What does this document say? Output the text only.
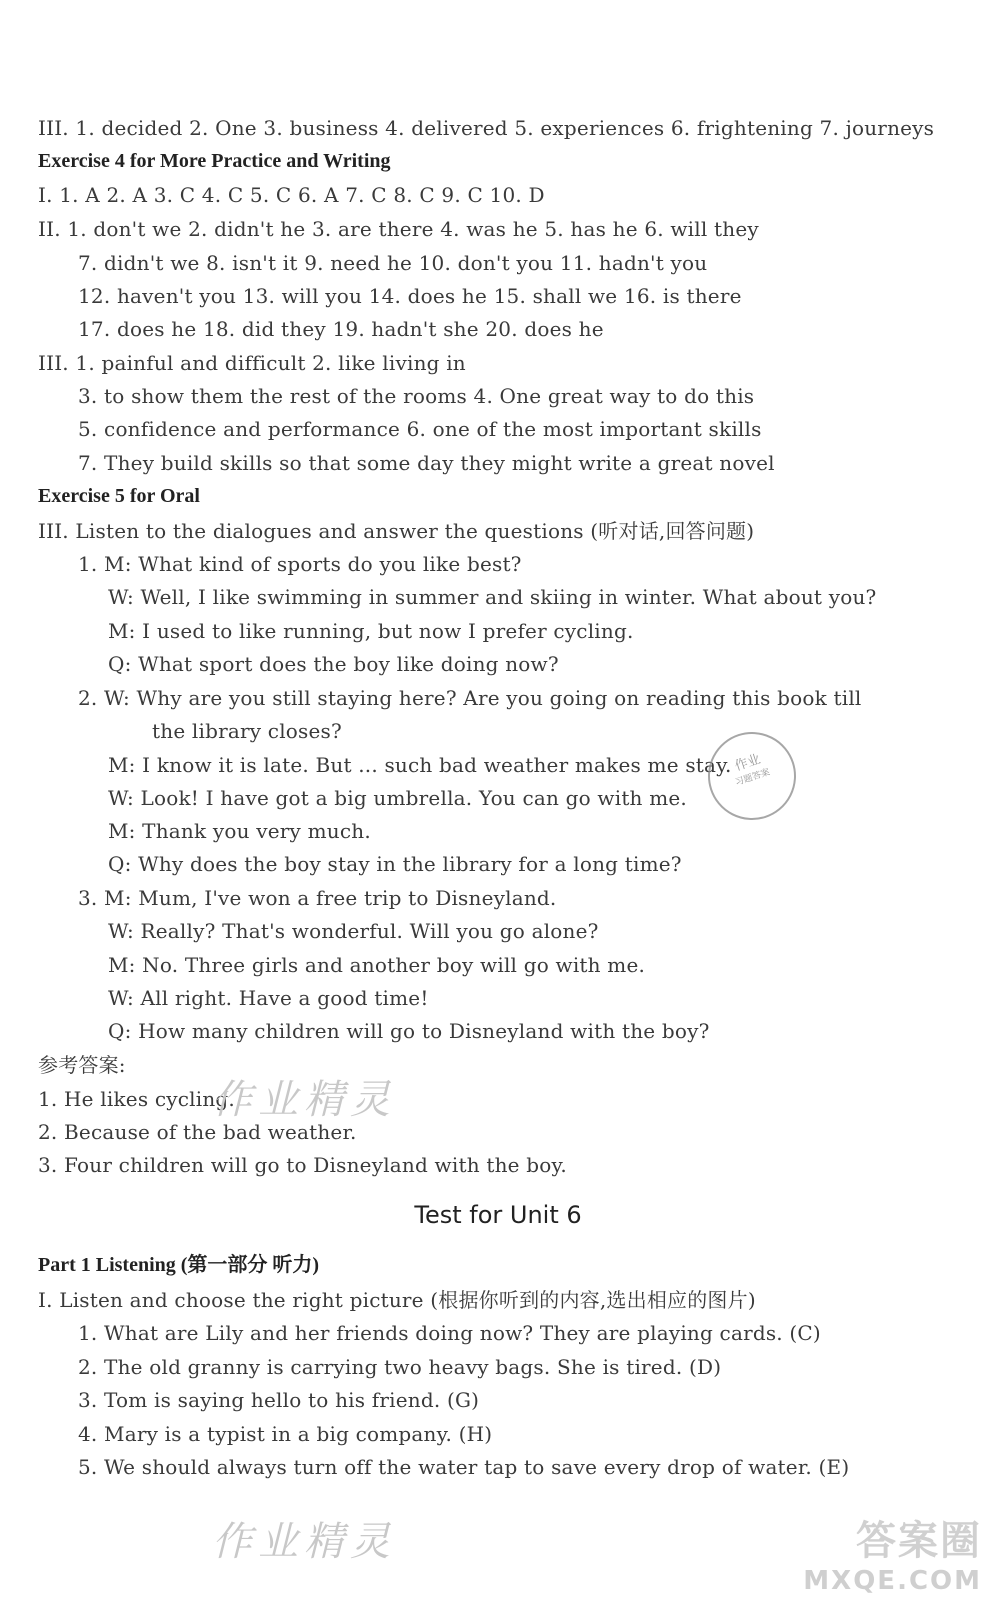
III. 1. decided 2. One 3. business 4. delivered 5. experiences 6. frightening 7. journeys
Exercise 4 for More Practice and Writing
I. 1. A 2. A 3. C 4. C 5. C 6. A 7. C 8. C 9. C 10. D
II. 1. don't we 2. didn't he 3. are there 4. was he 5. has he 6. will they
7. didn't we 8. isn't it 9. need he 10. don't you 11. hadn't you
12. haven't you 13. will you 14. does he 15. shall we 16. is there
17. does he 18. did they 19. hadn't she 20. does he
III. 1. painful and difficult 2. like living in
3. to show them the rest of the rooms 4. One great way to do this
5. confidence and performance 6. one of the most important skills
7. They build skills so that some day they might write a great novel
Exercise 5 for Oral
III. Listen to the dialogues and answer the questions (听对话,回答问题)
1. M: What kind of sports do you like best?
W: Well, I like swimming in summer and skiing in winter. What about you?
M: I used to like running, but now I prefer cycling.
Q: What sport does the boy like doing now?
2. W: Why are you still staying here? Are you going on reading this book till
the library closes?
M: I know it is late. But ... such bad weather makes me stay.
W: Look! I have got a big umbrella. You can go with me.
M: Thank you very much.
Q: Why does the boy stay in the library for a long time?
3. M: Mum, I've won a free trip to Disneyland.
W: Really? That's wonderful. Will you go alone?
M: No. Three girls and another boy will go with me.
W: All right. Have a good time!
Q: How many children will go to Disneyland with the boy?
参考答案:
1. He likes cycling.
2. Because of the bad weather.
3. Four children will go to Disneyland with the boy.
Test for Unit 6
Part 1 Listening (第一部分 听力)
I. Listen and choose the right picture (根据你听到的内容,选出相应的图片)
1. What are Lily and her friends doing now? They are playing cards. (C)
2. The old granny is carrying two heavy bags. She is tired. (D)
3. Tom is saying hello to his friend. (G)
4. Mary is a typist in a big company. (H)
5. We should always turn off the water tap to save every drop of water. (E)
作业
习题答案
作业精灵
作业精灵	答案圈
MXQE.COM
